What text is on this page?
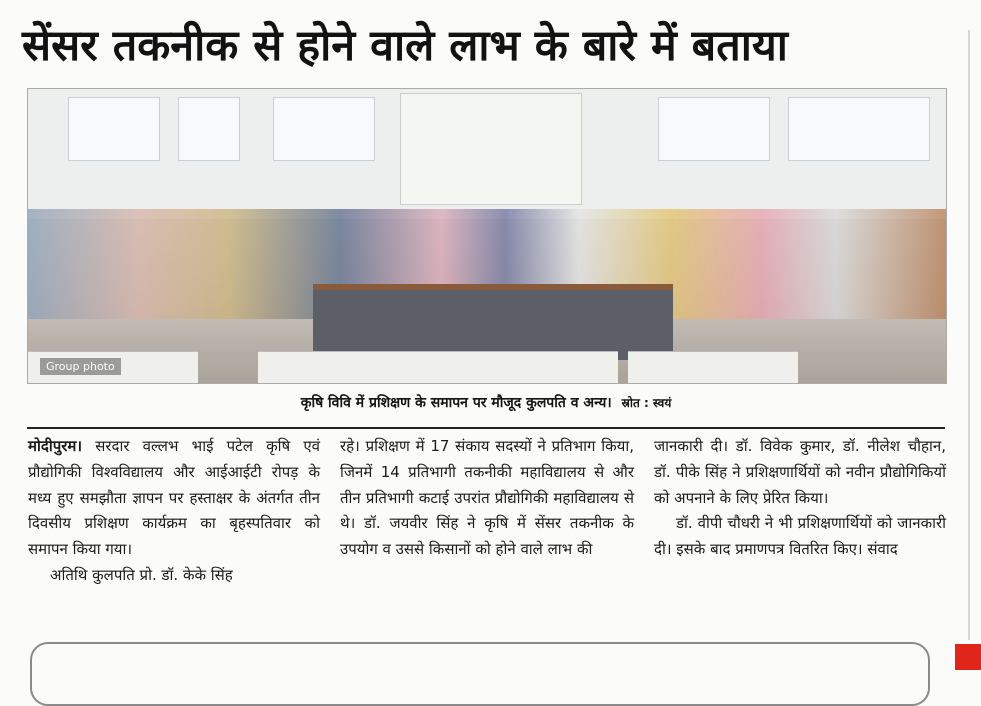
सेंसर तकनीक से होने वाले लाभ के बारे में बताया
Group photo
कृषि विवि में प्रशिक्षण के समापन पर मौजूद कुलपति व अन्य। स्रोत : स्वयं

मोदीपुरम। सरदार वल्लभ भाई पटेल कृषि एवं प्रौद्योगिकी विश्वविद्यालय और आईआईटी रोपड़ के मध्य हुए समझौता ज्ञापन पर हस्ताक्षर के अंतर्गत तीन दिवसीय प्रशिक्षण कार्यक्रम का बृहस्पतिवार को समापन किया गया।

अतिथि कुलपति प्रो. डॉ. केके सिंह

रहे। प्रशिक्षण में 17 संकाय सदस्यों ने प्रतिभाग किया, जिनमें 14 प्रतिभागी तकनीकी महाविद्यालय से और तीन प्रतिभागी कटाई उपरांत प्रौद्योगिकी महाविद्यालय से थे। डॉ. जयवीर सिंह ने कृषि में सेंसर तकनीक के उपयोग व उससे किसानों को होने वाले लाभ की

जानकारी दी। डॉ. विवेक कुमार, डॉ. नीलेश चौहान, डॉ. पीके सिंह ने प्रशिक्षणार्थियों को नवीन प्रौद्योगिकियों को अपनाने के लिए प्रेरित किया।

डॉ. वीपी चौधरी ने भी प्रशिक्षणार्थियों को जानकारी दी। इसके बाद प्रमाणपत्र वितरित किए। संवाद
